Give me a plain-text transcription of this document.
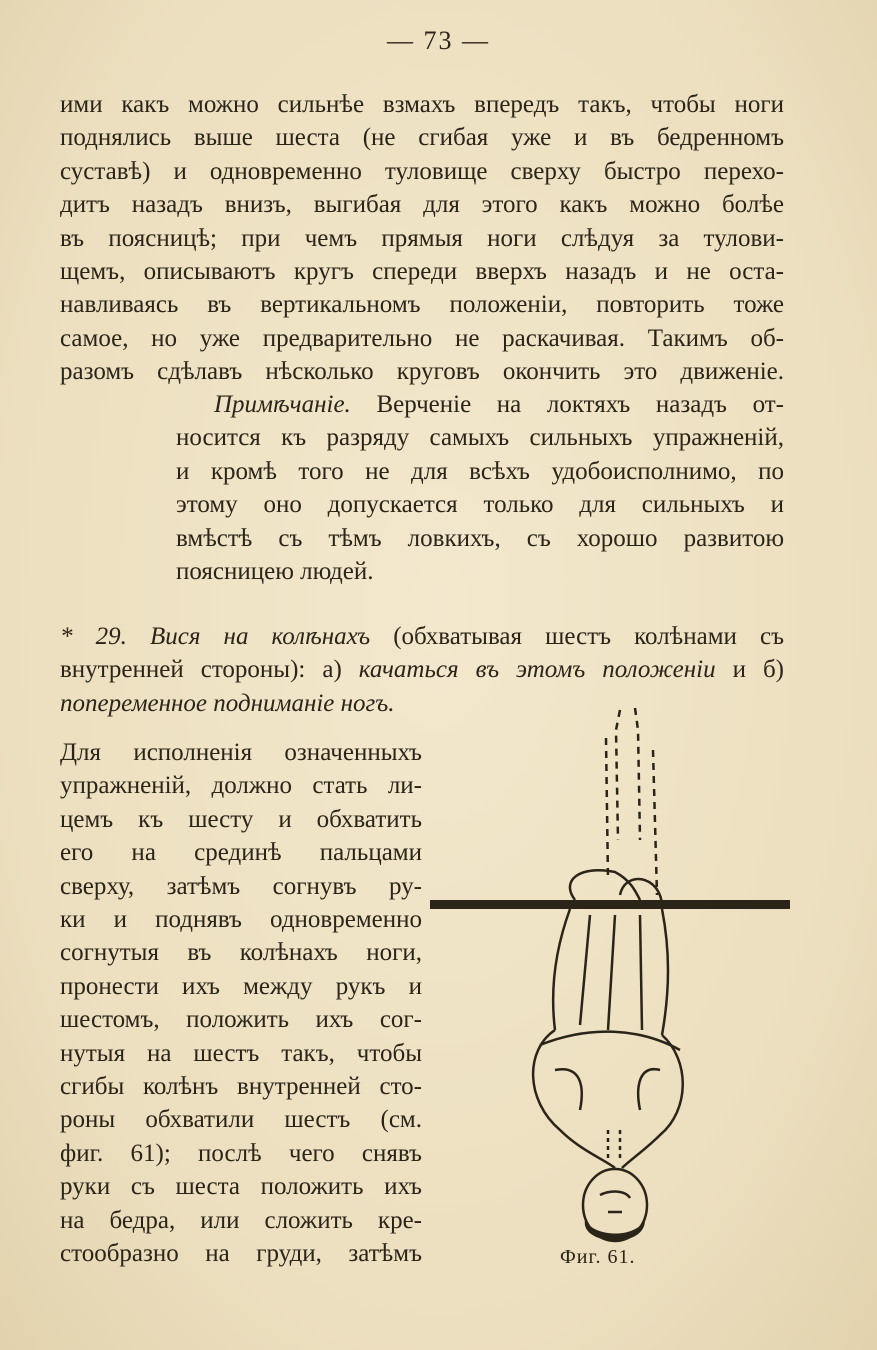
— 73 —
ими какъ можно сильнѣе взмахъ впередъ такъ, чтобы ноги
поднялись выше шеста (не сгибая уже и въ бедренномъ
суставѣ) и одновременно туловище сверху быстро перехо-
дитъ назадъ внизъ, выгибая для этого какъ можно болѣе
въ поясницѣ; при чемъ прямыя ноги слѣдуя за тулови-
щемъ, описываютъ кругъ спереди вверхъ назадъ и не оста-
навливаясь въ вертикальномъ положеніи, повторить тоже
самое, но уже предварительно не раскачивая. Такимъ об-
разомъ сдѣлавъ нѣсколько круговъ окончить это движеніе.
Примѣчаніе. Верченіе на локтяхъ назадъ от-
носится къ разряду самыхъ сильныхъ упражненій,
и кромѣ того не для всѣхъ удобоисполнимо, по
этому оно допускается только для сильныхъ и
вмѣстѣ съ тѣмъ ловкихъ, съ хорошо развитою
поясницею людей.
* 29. Вися на колѣнахъ (обхватывая шестъ колѣнами съ
внутренней стороны): а) качаться въ этомъ положеніи и б)
попеременное подниманіе ногъ.
Для исполненія означенныхъ
упражненій, должно стать ли-
цемъ къ шесту и обхватить
его на срединѣ пальцами
сверху, затѣмъ согнувъ ру-
ки и поднявъ одновременно
согнутыя въ колѣнахъ ноги,
пронести ихъ между рукъ и
шестомъ, положить ихъ сог-
нутыя на шестъ такъ, чтобы
сгибы колѣнъ внутренней сто-
роны обхватили шестъ (см.
фиг. 61); послѣ чего снявъ
руки съ шеста положить ихъ
на бедра, или сложить кре-
стообразно на груди, затѣмъ	Фиг. 61.
